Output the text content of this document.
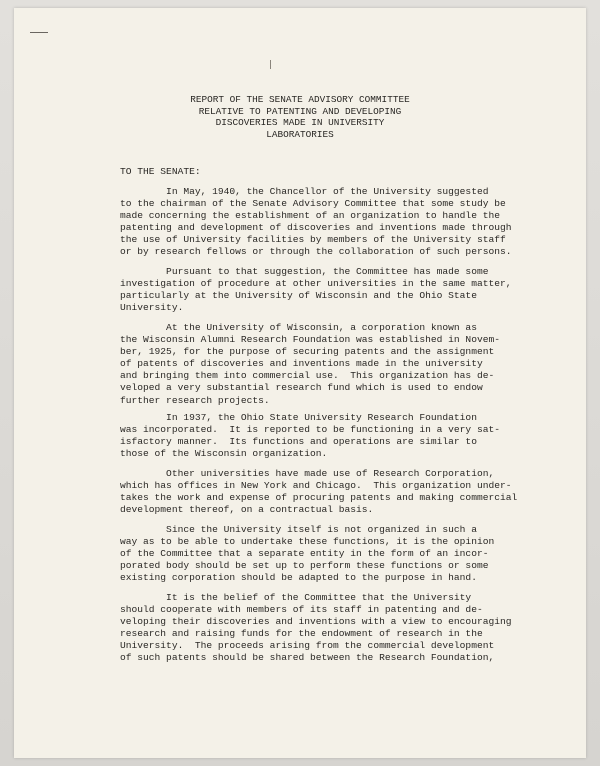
REPORT OF THE SENATE ADVISORY COMMITTEE
RELATIVE TO PATENTING AND DEVELOPING
DISCOVERIES MADE IN UNIVERSITY
LABORATORIES
TO THE SENATE:
In May, 1940, the Chancellor of the University suggested
to the chairman of the Senate Advisory Committee that some study be
made concerning the establishment of an organization to handle the
patenting and development of discoveries and inventions made through
the use of University facilities by members of the University staff
or by research fellows or through the collaboration of such persons.
Pursuant to that suggestion, the Committee has made some
investigation of procedure at other universities in the same matter,
particularly at the University of Wisconsin and the Ohio State
University.
At the University of Wisconsin, a corporation known as
the Wisconsin Alumni Research Foundation was established in Novem-
ber, 1925, for the purpose of securing patents and the assignment
of patents of discoveries and inventions made in the university
and bringing them into commercial use.  This organization has de-
veloped a very substantial research fund which is used to endow
further research projects.
In 1937, the Ohio State University Research Foundation
was incorporated.  It is reported to be functioning in a very sat-
isfactory manner.  Its functions and operations are similar to
those of the Wisconsin organization.
Other universities have made use of Research Corporation,
which has offices in New York and Chicago.  This organization under-
takes the work and expense of procuring patents and making commercial
development thereof, on a contractual basis.
Since the University itself is not organized in such a
way as to be able to undertake these functions, it is the opinion
of the Committee that a separate entity in the form of an incor-
porated body should be set up to perform these functions or some
existing corporation should be adapted to the purpose in hand.
It is the belief of the Committee that the University
should cooperate with members of its staff in patenting and de-
veloping their discoveries and inventions with a view to encouraging
research and raising funds for the endowment of research in the
University.  The proceeds arising from the commercial development
of such patents should be shared between the Research Foundation,
